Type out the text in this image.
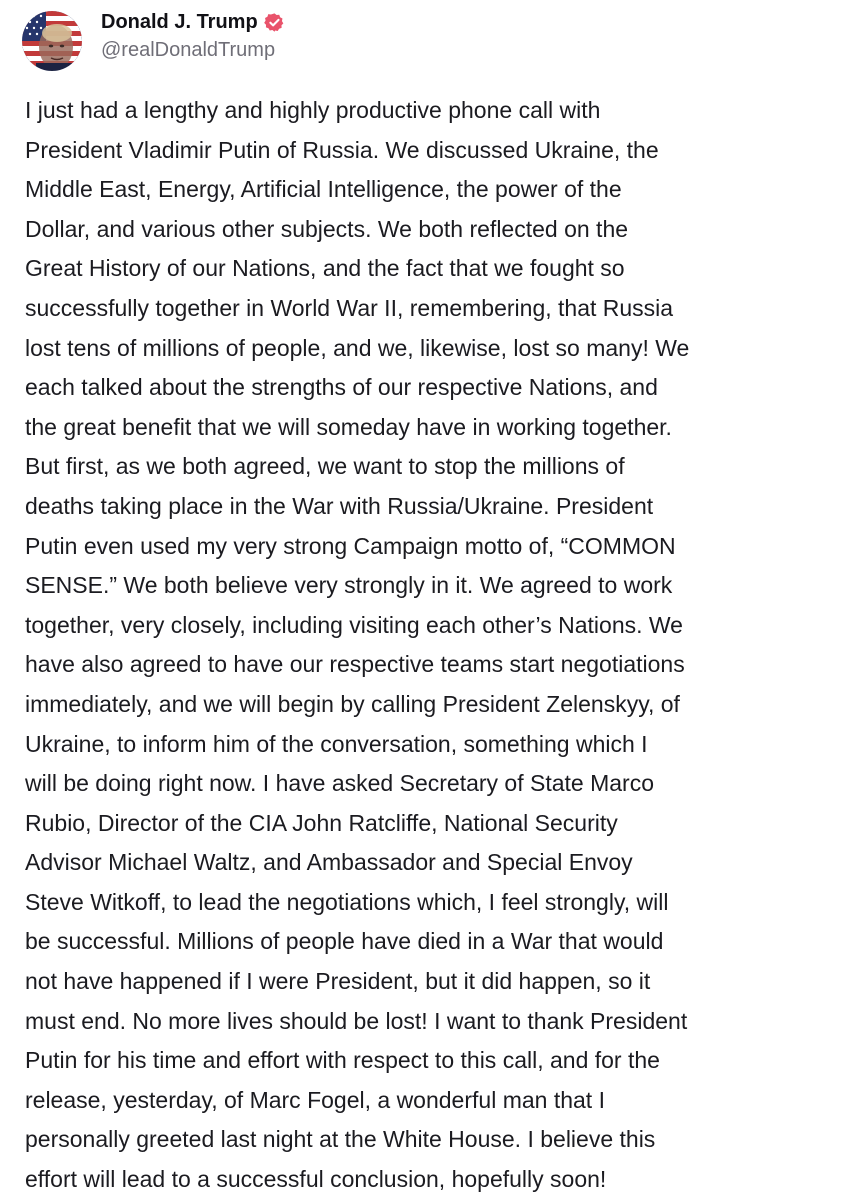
Donald J. Trump
@realDonaldTrump
I just had a lengthy and highly productive phone call with
President Vladimir Putin of Russia. We discussed Ukraine, the
Middle East, Energy, Artificial Intelligence, the power of the
Dollar, and various other subjects. We both reflected on the
Great History of our Nations, and the fact that we fought so
successfully together in World War II, remembering, that Russia
lost tens of millions of people, and we, likewise, lost so many! We
each talked about the strengths of our respective Nations, and
the great benefit that we will someday have in working together.
But first, as we both agreed, we want to stop the millions of
deaths taking place in the War with Russia/Ukraine. President
Putin even used my very strong Campaign motto of, “COMMON
SENSE.” We both believe very strongly in it. We agreed to work
together, very closely, including visiting each other’s Nations. We
have also agreed to have our respective teams start negotiations
immediately, and we will begin by calling President Zelenskyy, of
Ukraine, to inform him of the conversation, something which I
will be doing right now. I have asked Secretary of State Marco
Rubio, Director of the CIA John Ratcliffe, National Security
Advisor Michael Waltz, and Ambassador and Special Envoy
Steve Witkoff, to lead the negotiations which, I feel strongly, will
be successful. Millions of people have died in a War that would
not have happened if I were President, but it did happen, so it
must end. No more lives should be lost! I want to thank President
Putin for his time and effort with respect to this call, and for the
release, yesterday, of Marc Fogel, a wonderful man that I
personally greeted last night at the White House. I believe this
effort will lead to a successful conclusion, hopefully soon!
